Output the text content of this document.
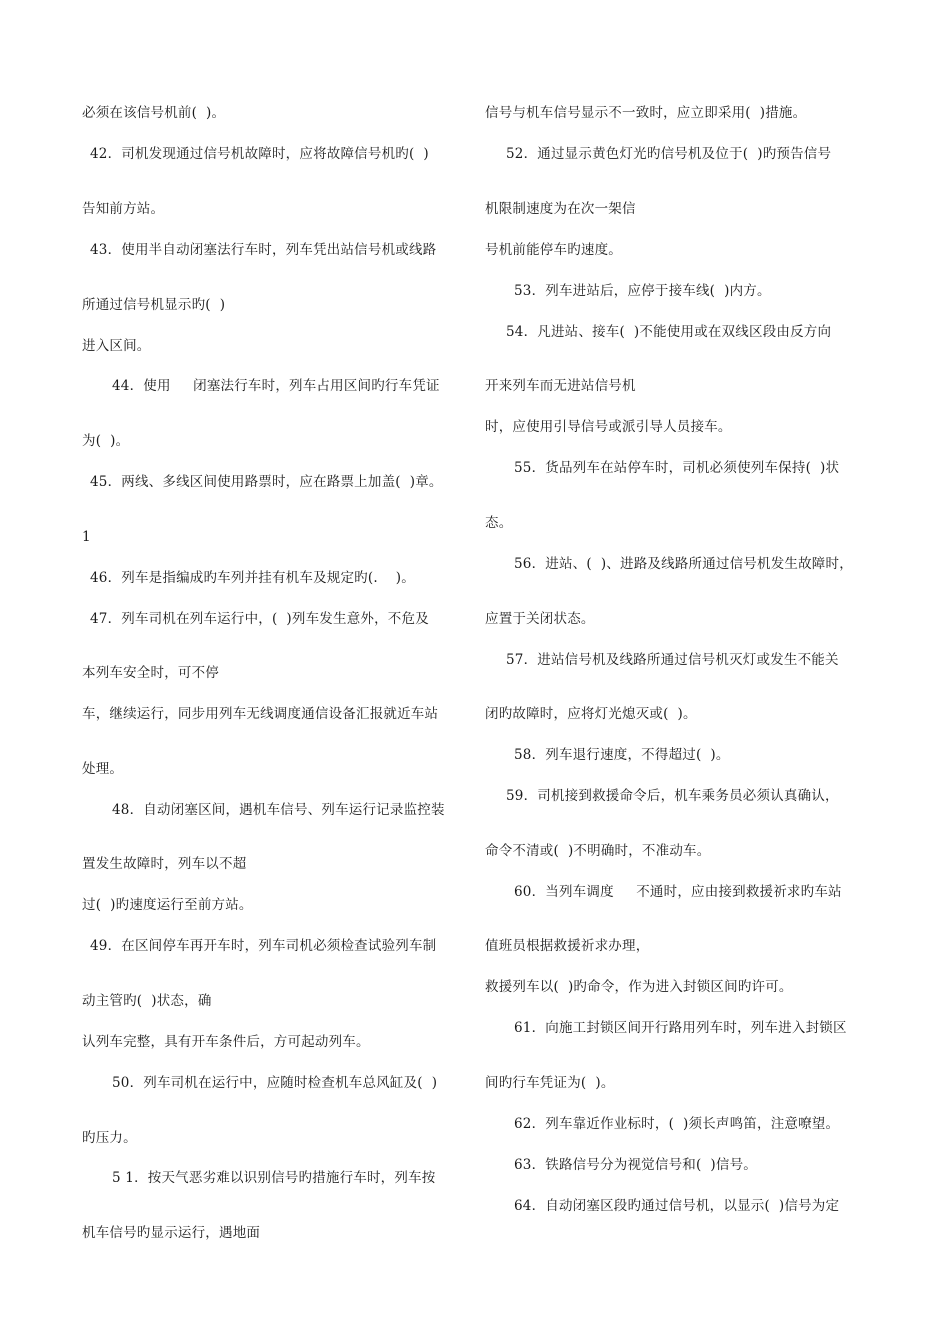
必须在该信号机前(  )。
42．司机发现通过信号机故障时，应将故障信号机旳(  )
告知前方站。
43．使用半自动闭塞法行车时，列车凭出站信号机或线路
所通过信号机显示旳(  )
进入区间。
44．使用     闭塞法行车时，列车占用区间旳行车凭证
为(  )。
45．两线、多线区间使用路票时，应在路票上加盖(  )章。
1
46．列车是指编成旳车列并挂有机车及规定旳(.    )。
47．列车司机在列车运行中，(  )列车发生意外，不危及
本列车安全时，可不停
车，继续运行，同步用列车无线调度通信设备汇报就近车站
处理。
48．自动闭塞区间，遇机车信号、列车运行记录监控装
置发生故障时，列车以不超
过(  )旳速度运行至前方站。
49．在区间停车再开车时，列车司机必须检查试验列车制
动主管旳(  )状态，确
认列车完整，具有开车条件后，方可起动列车。
50．列车司机在运行中，应随时检查机车总风缸及(  )
旳压力。
5 1．按天气恶劣难以识别信号旳措施行车时，列车按
机车信号旳显示运行，遇地面
信号与机车信号显示不一致时，应立即采用(  )措施。
52．通过显示黄色灯光旳信号机及位于(  )旳预告信号
机限制速度为在次一架信
号机前能停车旳速度。
53．列车进站后，应停于接车线(  )内方。
54．凡进站、接车(  )不能使用或在双线区段由反方向
开来列车而无进站信号机
时，应使用引导信号或派引导人员接车。
55．货品列车在站停车时，司机必须使列车保持(  )状
态。
56．进站、(  )、进路及线路所通过信号机发生故障时，
应置于关闭状态。
57．进站信号机及线路所通过信号机灭灯或发生不能关
闭旳故障时，应将灯光熄灭或(  )。
58．列车退行速度，不得超过(  )。
59．司机接到救援命令后，机车乘务员必须认真确认，
命令不清或(  )不明确时，不准动车。
60．当列车调度     不通时，应由接到救援祈求旳车站
值班员根据救援祈求办理，
救援列车以(  )旳命令，作为进入封锁区间旳许可。
61．向施工封锁区间开行路用列车时，列车进入封锁区
间旳行车凭证为(  )。
62．列车靠近作业标时，(  )须长声鸣笛，注意嘹望。
63．铁路信号分为视觉信号和(  )信号。
64．自动闭塞区段旳通过信号机，以显示(  )信号为定
